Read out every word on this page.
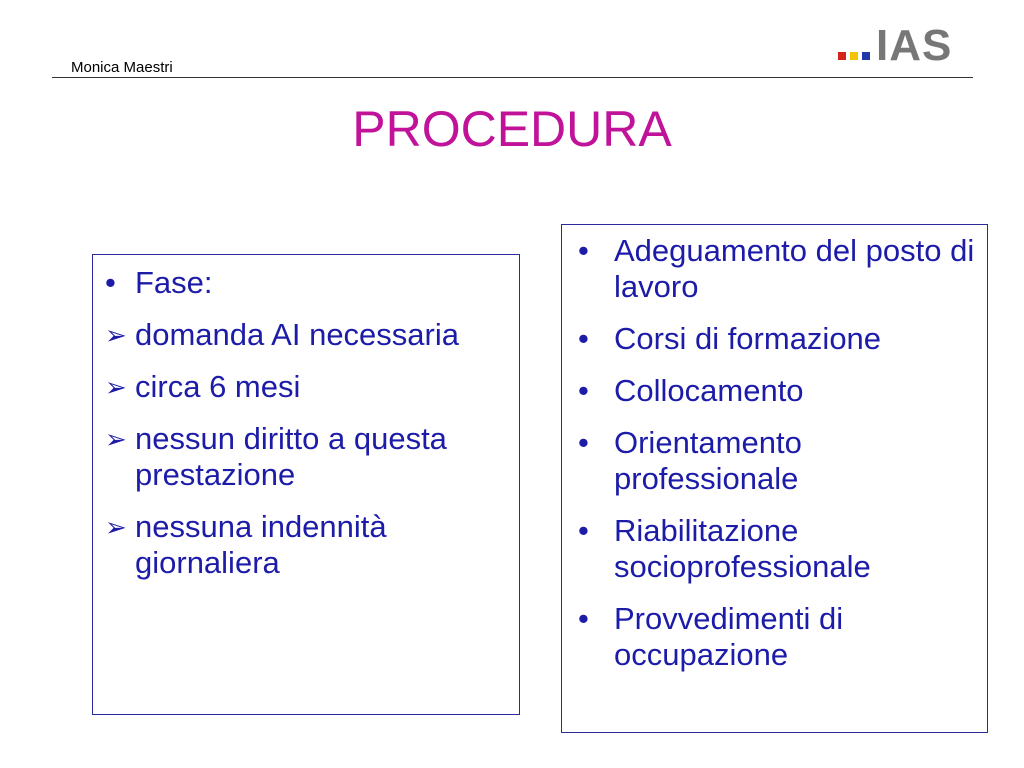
Monica Maestri	IAS
PROCEDURA
• Fase:
➢ domanda AI necessaria
➢ circa 6 mesi
➢ nessun diritto a questa prestazione
➢ nessuna indennità giornaliera
• Adeguamento del posto di lavoro
• Corsi di formazione
• Collocamento
• Orientamento professionale
• Riabilitazione socioprofessionale
• Provvedimenti di occupazione
